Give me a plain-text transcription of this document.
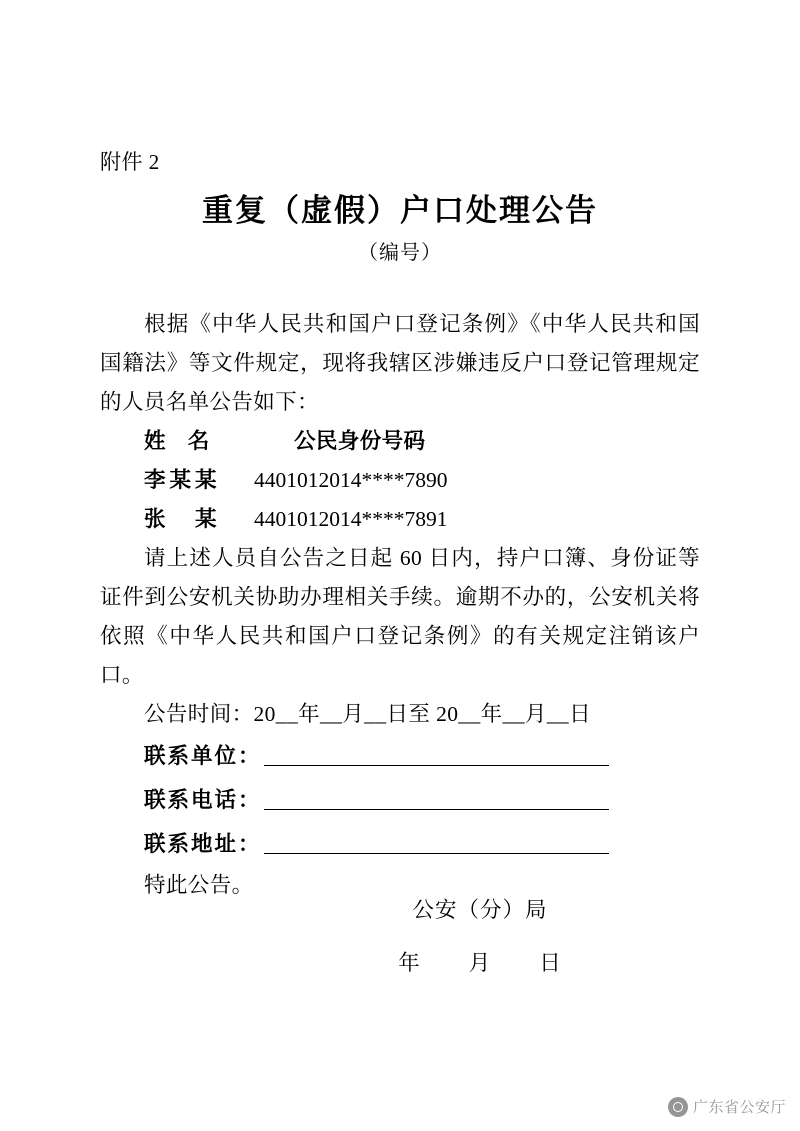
附件 2
重复（虚假）户口处理公告
（编号）

根据《中华人民共和国户口登记条例》《中华人民共和国国籍法》等文件规定，现将我辖区涉嫌违反户口登记管理规定的人员名单公告如下：

姓　名	公民身份号码

李某某 4401012014****7890

张　某 4401012014****7891

请上述人员自公告之日起 60 日内，持户口簿、身份证等证件到公安机关协助办理相关手续。逾期不办的，公安机关将依照《中华人民共和国户口登记条例》的有关规定注销该户口。

公告时间：20__年__月__日至 20__年__月__日

联系单位：

联系电话：

联系地址：

特此公告。

公安（分）局
年 月 日
广东省公安厅
